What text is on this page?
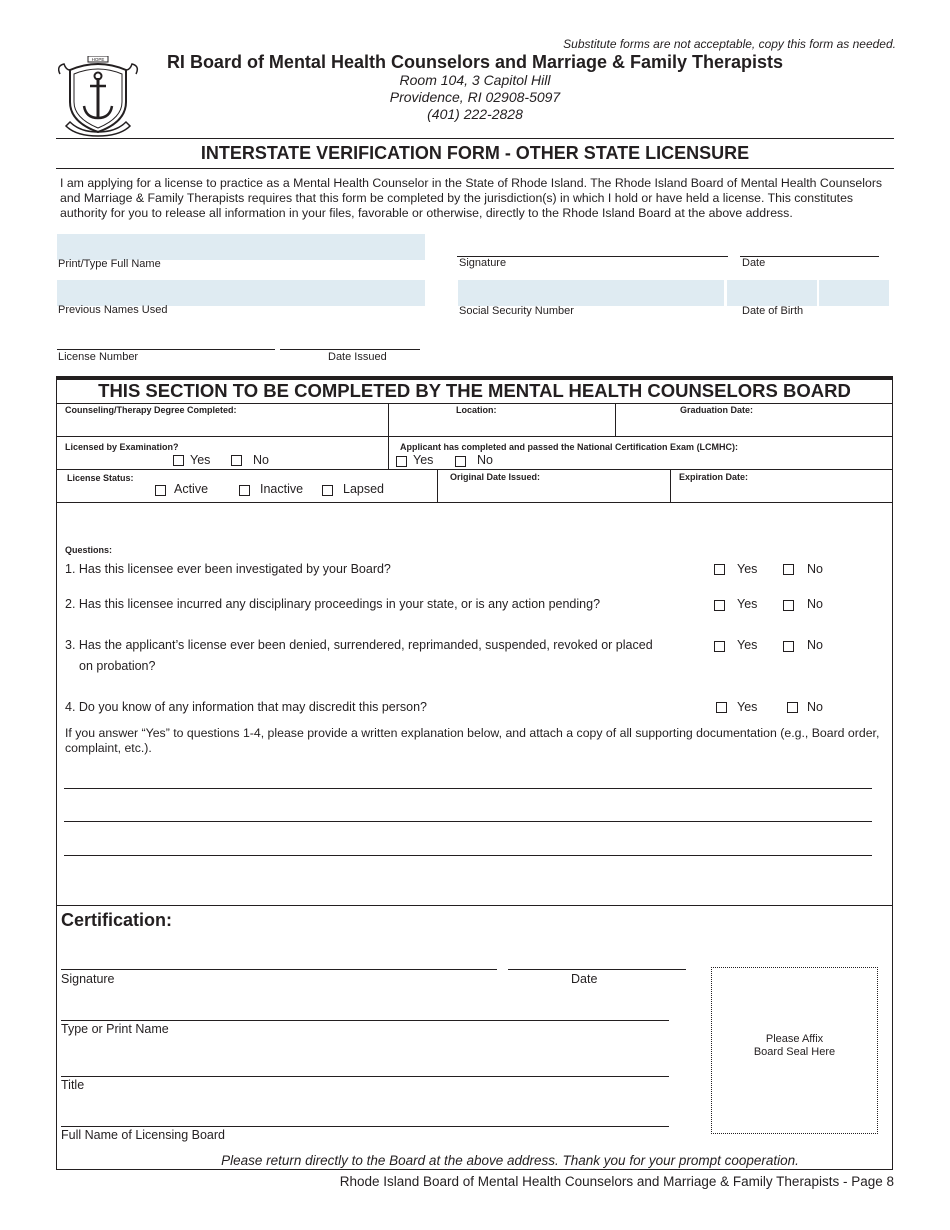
Substitute forms are not acceptable, copy this form as needed.
HOPE	RI Board of Mental Health Counselors and Marriage & Family Therapists
Room 104, 3 Capitol Hill
Providence, RI 02908-5097
(401) 222-2828
INTERSTATE VERIFICATION FORM - OTHER STATE LICENSURE
I am applying for a license to practice as a Mental Health Counselor in the State of Rhode Island. The Rhode Island Board of Mental Health Counselors and Marriage & Family Therapists requires that this form be completed by the jurisdiction(s) in which I hold or have held a license. This constitutes authority for you to release all information in your files, favorable or otherwise, directly to the Rhode Island Board at the above address.
Print/Type Full Name	Signature	Date
Previous Names Used	Social Security Number	Date of Birth
License Number	Date Issued
THIS SECTION TO BE COMPLETED BY THE MENTAL HEALTH COUNSELORS BOARD
Counseling/Therapy Degree Completed:	Location:	Graduation Date:
Licensed by Examination?
Yes	No
Applicant has completed and passed the National Certification Exam (LCMHC):
Yes	No
License Status:
Active	Inactive	Lapsed
Original Date Issued:	Expiration Date:
Questions:
1. Has this licensee ever been investigated by your Board?	Yes	No
2. Has this licensee incurred any disciplinary proceedings in your state, or is any action pending?	Yes	No
3. Has the applicant’s license ever been denied, surrendered, reprimanded, suspended, revoked or placed
on probation?
Yes	No
4. Do you know of any information that may discredit this person?	Yes	No
If you answer “Yes” to questions 1-4, please provide a written explanation below, and attach a copy of all supporting documentation (e.g., Board order, complaint, etc.).
Certification:
Signature	Date
Type or Print Name
Title
Full Name of Licensing Board
Please Affix
Board Seal Here
Please return directly to the Board at the above address. Thank you for your prompt cooperation.
Rhode Island Board of Mental Health Counselors and Marriage & Family Therapists - Page 8
